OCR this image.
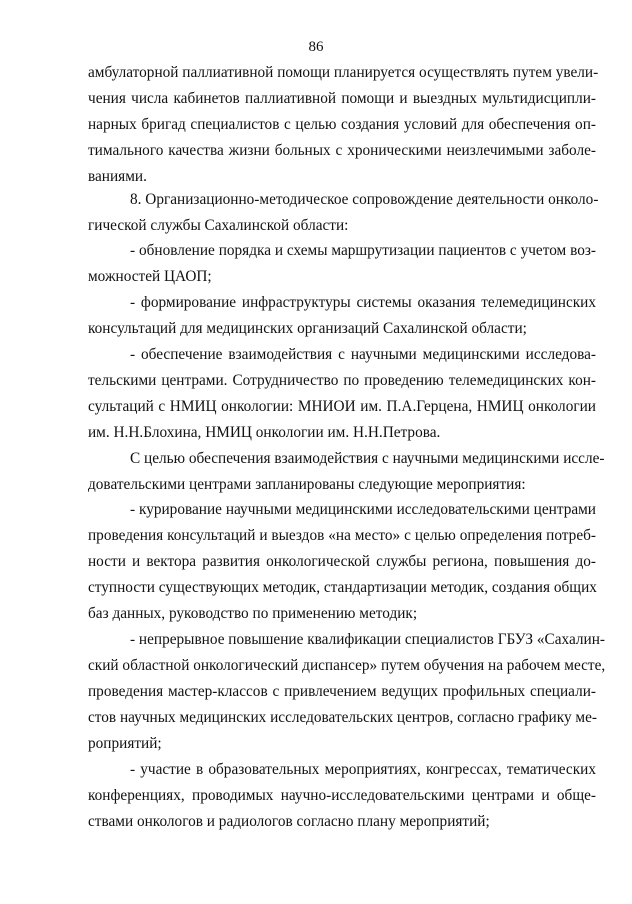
86
амбулаторной паллиативной помощи планируется осуществлять путем увели-
чения числа кабинетов паллиативной помощи и выездных мультидисципли-
нарных бригад специалистов с целью создания условий для обеспечения оп-
тимального качества жизни больных с хроническими неизлечимыми заболе-
ваниями.
8. Организационно-методическое сопровождение деятельности онколо-
гической службы Сахалинской области:
- обновление порядка и схемы маршрутизации пациентов с учетом воз-
можностей ЦАОП;
- формирование инфраструктуры системы оказания телемедицинских
консультаций для медицинских организаций Сахалинской области;
- обеспечение взаимодействия с научными медицинскими исследова-
тельскими центрами. Сотрудничество по проведению телемедицинских кон-
сультаций с НМИЦ онкологии: МНИОИ им. П.А.Герцена, НМИЦ онкологии
им. Н.Н.Блохина, НМИЦ онкологии им. Н.Н.Петрова.
С целью обеспечения взаимодействия с научными медицинскими иссле-
довательскими центрами запланированы следующие мероприятия:
- курирование научными медицинскими исследовательскими центрами
проведения консультаций и выездов «на место» с целью определения потреб-
ности и вектора развития онкологической службы региона, повышения до-
ступности существующих методик, стандартизации методик, создания общих
баз данных, руководство по применению методик;
- непрерывное повышение квалификации специалистов ГБУЗ «Сахалин-
ский областной онкологический диспансер» путем обучения на рабочем месте,
проведения мастер-классов с привлечением ведущих профильных специали-
стов научных медицинских исследовательских центров, согласно графику ме-
роприятий;
- участие в образовательных мероприятиях, конгрессах, тематических
конференциях, проводимых научно-исследовательскими центрами и обще-
ствами онкологов и радиологов согласно плану мероприятий;
